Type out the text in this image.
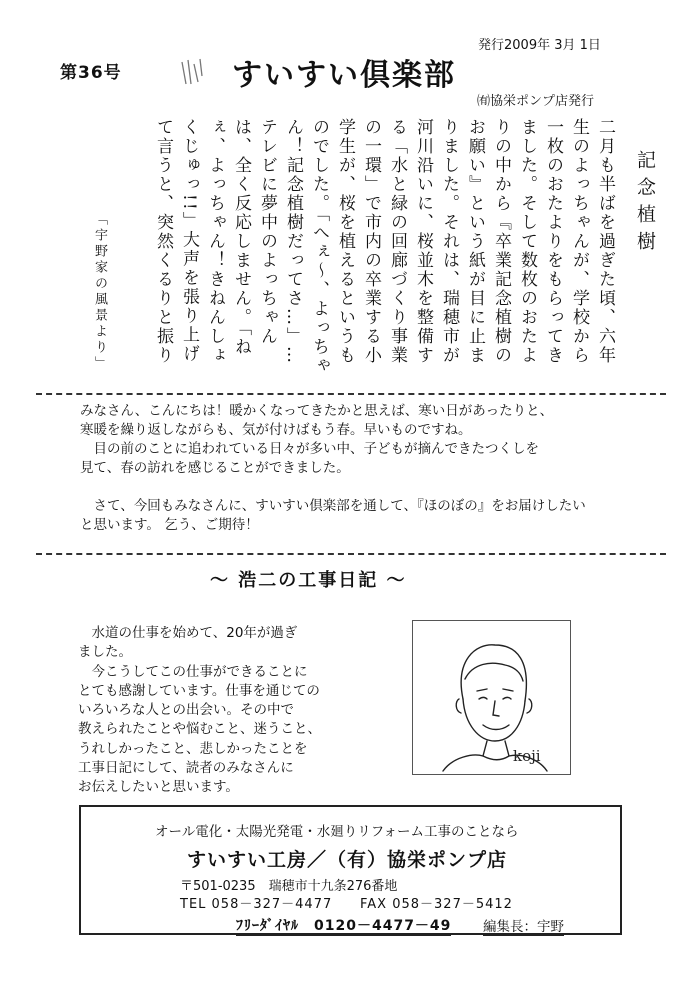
第36号
発行2009年 3月 1日
すいすい倶楽部
㈲協栄ポンプ店発行
記念植樹
二月も半ばを過ぎた頃、六年生のよっちゃんが、学校から一枚のおたよりをもらってきました。そして数枚のおたよりの中から『卒業記念植樹のお願い』という紙が目に止まりました。それは、瑞穂市が河川沿いに、桜並木を整備する「水と緑の回廊づくり事業の一環」で市内の卒業する小学生が、桜を植えるというものでした。「へぇ～、よっちゃん！記念植樹だってさ…」…テレビに夢中のよっちゃんは、全く反応しません。「ねぇ、よっちゃん！きねんしょくじゅっ!!」大声を張り上げて言うと、突然くるりと振り
「宇野家の風景より」

みなさん、こんにちは！暖かくなってきたかと思えば、寒い日があったりと、

寒暖を繰り返しながらも、気が付けばもう春。早いものですね。

目の前のことに追われている日々が多い中、子どもが摘んできたつくしを

見て、春の訪れを感じることができました。

さて、今回もみなさんに、すいすい倶楽部を通して、『ほのぼの』をお届けしたい

と思います。 乞う、ご期待！

～ 浩二の工事日記 ～

水道の仕事を始めて、20年が過ぎ

ました。

今こうしてこの仕事ができることに

とても感謝しています。仕事を通じての

いろいろな人との出会い。その中で

教えられたことや悩むこと、迷うこと、

うれしかったこと、悲しかったことを

工事日記にして、読者のみなさんに

お伝えしたいと思います。

koji
オール電化・太陽光発電・水廻りリフォーム工事のことなら
すいすい工房／（有）協栄ポンプ店
〒501-0235　瑞穂市十九条276番地
TEL 058－327－4477 FAX 058－327－5412
ﾌﾘｰﾀﾞｲﾔﾙ　0120－4477－49 編集長：宇野
